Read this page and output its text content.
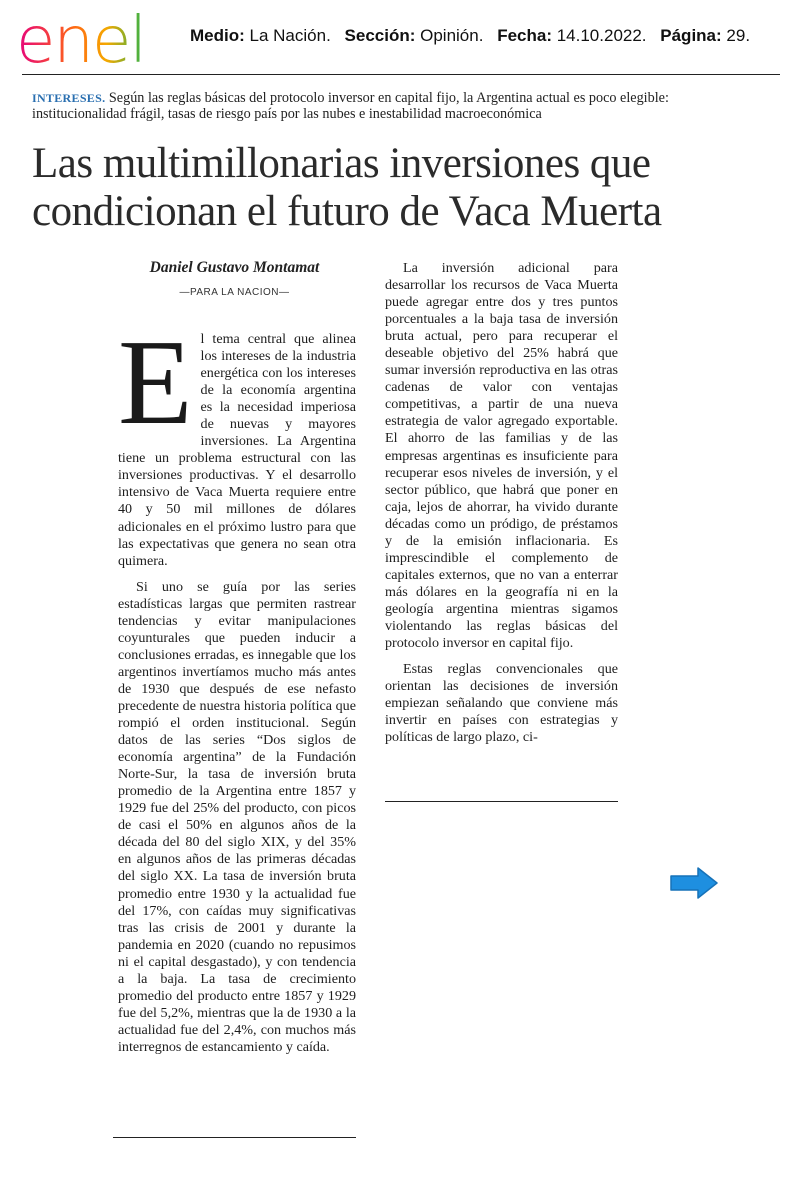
enel	Medio: La Nación. Sección: Opinión. Fecha: 14.10.2022. Página: 29.
INTERESES. Según las reglas básicas del protocolo inversor en capital fijo, la Argentina actual es poco elegible: institucionalidad frágil, tasas de riesgo país por las nubes e inestabilidad macroeconómica
Las multimillonarias inversiones que condicionan el futuro de Vaca Muerta
Daniel Gustavo Montamat
—PARA LA NACION—

El tema central que alinea los intereses de la industria energética con los intereses de la economía argentina es la necesidad imperiosa de nuevas y mayores inversiones. La Argentina tiene un problema estructural con las inversiones productivas. Y el desarrollo intensivo de Vaca Muerta requiere entre 40 y 50 mil millones de dólares adicionales en el próximo lustro para que las expectativas que genera no sean otra quimera.

Si uno se guía por las series estadísticas largas que permiten rastrear tendencias y evitar manipulaciones coyunturales que pueden inducir a conclusiones erradas, es innegable que los argentinos invertíamos mucho más antes de 1930 que después de ese nefasto precedente de nuestra historia política que rompió el orden institucional. Según datos de las series “Dos siglos de economía argentina” de la Fundación Norte-Sur, la tasa de inversión bruta promedio de la Argentina entre 1857 y 1929 fue del 25% del producto, con picos de casi el 50% en algunos años de la década del 80 del siglo XIX, y del 35% en algunos años de las primeras décadas del siglo XX. La tasa de inversión bruta promedio entre 1930 y la actualidad fue del 17%, con caídas muy significativas tras las crisis de 2001 y durante la pandemia en 2020 (cuando no repusimos ni el capital desgastado), y con tendencia a la baja. La tasa de crecimiento promedio del producto entre 1857 y 1929 fue del 5,2%, mientras que la de 1930 a la actualidad fue del 2,4%, con muchos más interregnos de estancamiento y caída.

La inversión adicional para desarrollar los recursos de Vaca Muerta puede agregar entre dos y tres puntos porcentuales a la baja tasa de inversión bruta actual, pero para recuperar el deseable objetivo del 25% habrá que sumar inversión reproductiva en las otras cadenas de valor con ventajas competitivas, a partir de una nueva estrategia de valor agregado exportable. El ahorro de las familias y de las empresas argentinas es insuficiente para recuperar esos niveles de inversión, y el sector público, que habrá que poner en caja, lejos de ahorrar, ha vivido durante décadas como un pródigo, de préstamos y de la emisión inflacionaria. Es imprescindible el complemento de capitales externos, que no van a enterrar más dólares en la geografía ni en la geología argentina mientras sigamos violentando las reglas básicas del protocolo inversor en capital fijo.

Estas reglas convencionales que orientan las decisiones de inversión empiezan señalando que conviene más invertir en países con estrategias y políticas de largo plazo, ci-
